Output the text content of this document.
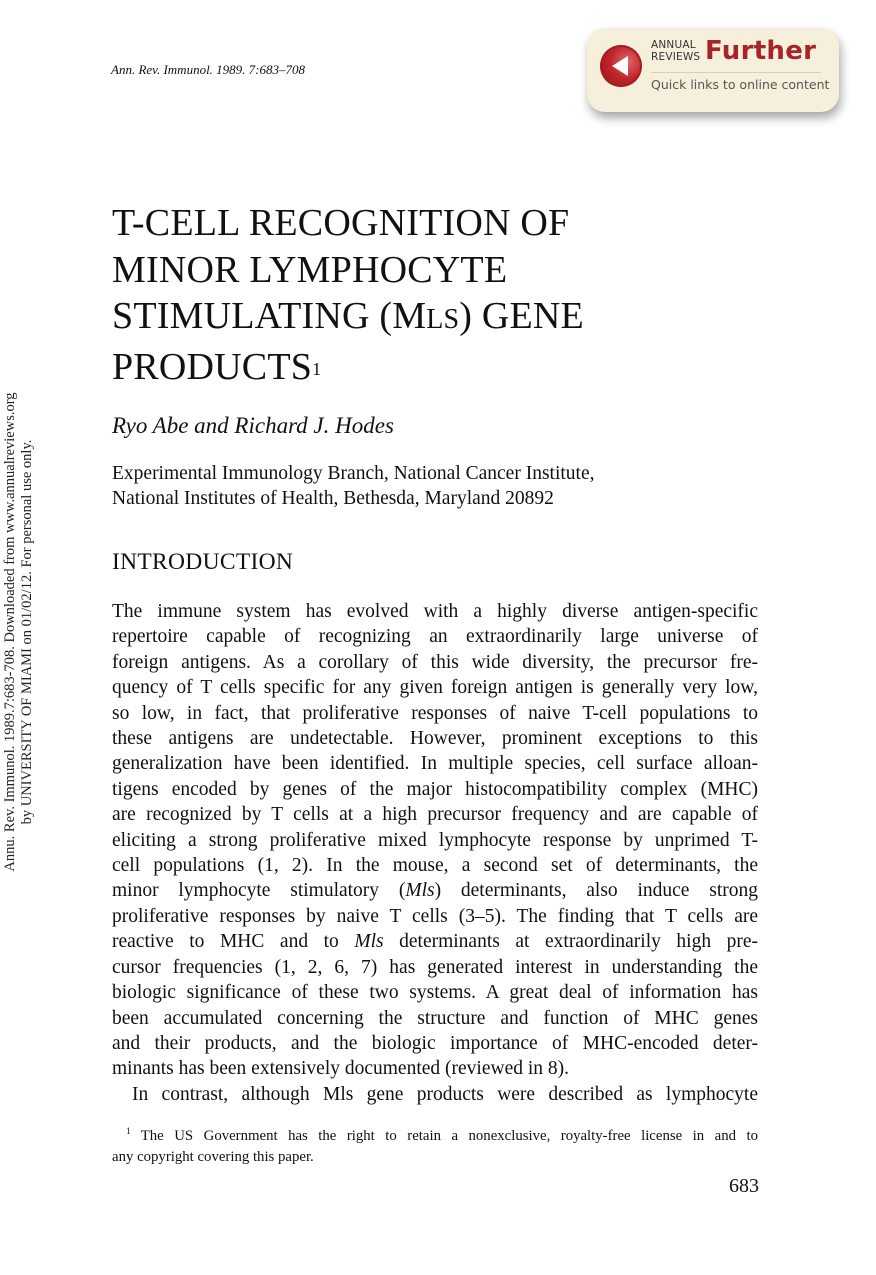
Ann. Rev. Immunol. 1989. 7:683–708
ANNUAL
REVIEWS Further
Quick links to online content
Annu. Rev. Immunol. 1989.7:683-708. Downloaded from www.annualreviews.org
by UNIVERSITY OF MIAMI on 01/02/12. For personal use only.
T-CELL RECOGNITION OF
MINOR LYMPHOCYTE
STIMULATING (MLS) GENE
PRODUCTS$^1$
Ryo Abe and Richard J. Hodes
Experimental Immunology Branch, National Cancer Institute,
National Institutes of Health, Bethesda, Maryland 20892
INTRODUCTION
The immune system has evolved with a highly diverse antigen-specific
repertoire capable of recognizing an extraordinarily large universe of
foreign antigens. As a corollary of this wide diversity, the precursor fre-
quency of T cells specific for any given foreign antigen is generally very low,
so low, in fact, that proliferative responses of naive T-cell populations to
these antigens are undetectable. However, prominent exceptions to this
generalization have been identified. In multiple species, cell surface alloan-
tigens encoded by genes of the major histocompatibility complex (MHC)
are recognized by T cells at a high precursor frequency and are capable of
eliciting a strong proliferative mixed lymphocyte response by unprimed T-
cell populations (1, 2). In the mouse, a second set of determinants, the
minor lymphocyte stimulatory (Mls) determinants, also induce strong
proliferative responses by naive T cells (3–5). The finding that T cells are
reactive to MHC and to Mls determinants at extraordinarily high pre-
cursor frequencies (1, 2, 6, 7) has generated interest in understanding the
biologic significance of these two systems. A great deal of information has
been accumulated concerning the structure and function of MHC genes
and their products, and the biologic importance of MHC-encoded deter-
minants has been extensively documented (reviewed in 8).
In contrast, although Mls gene products were described as lymphocyte
$^1$ The US Government has the right to retain a nonexclusive, royalty-free license in and to
any copyright covering this paper.
683
